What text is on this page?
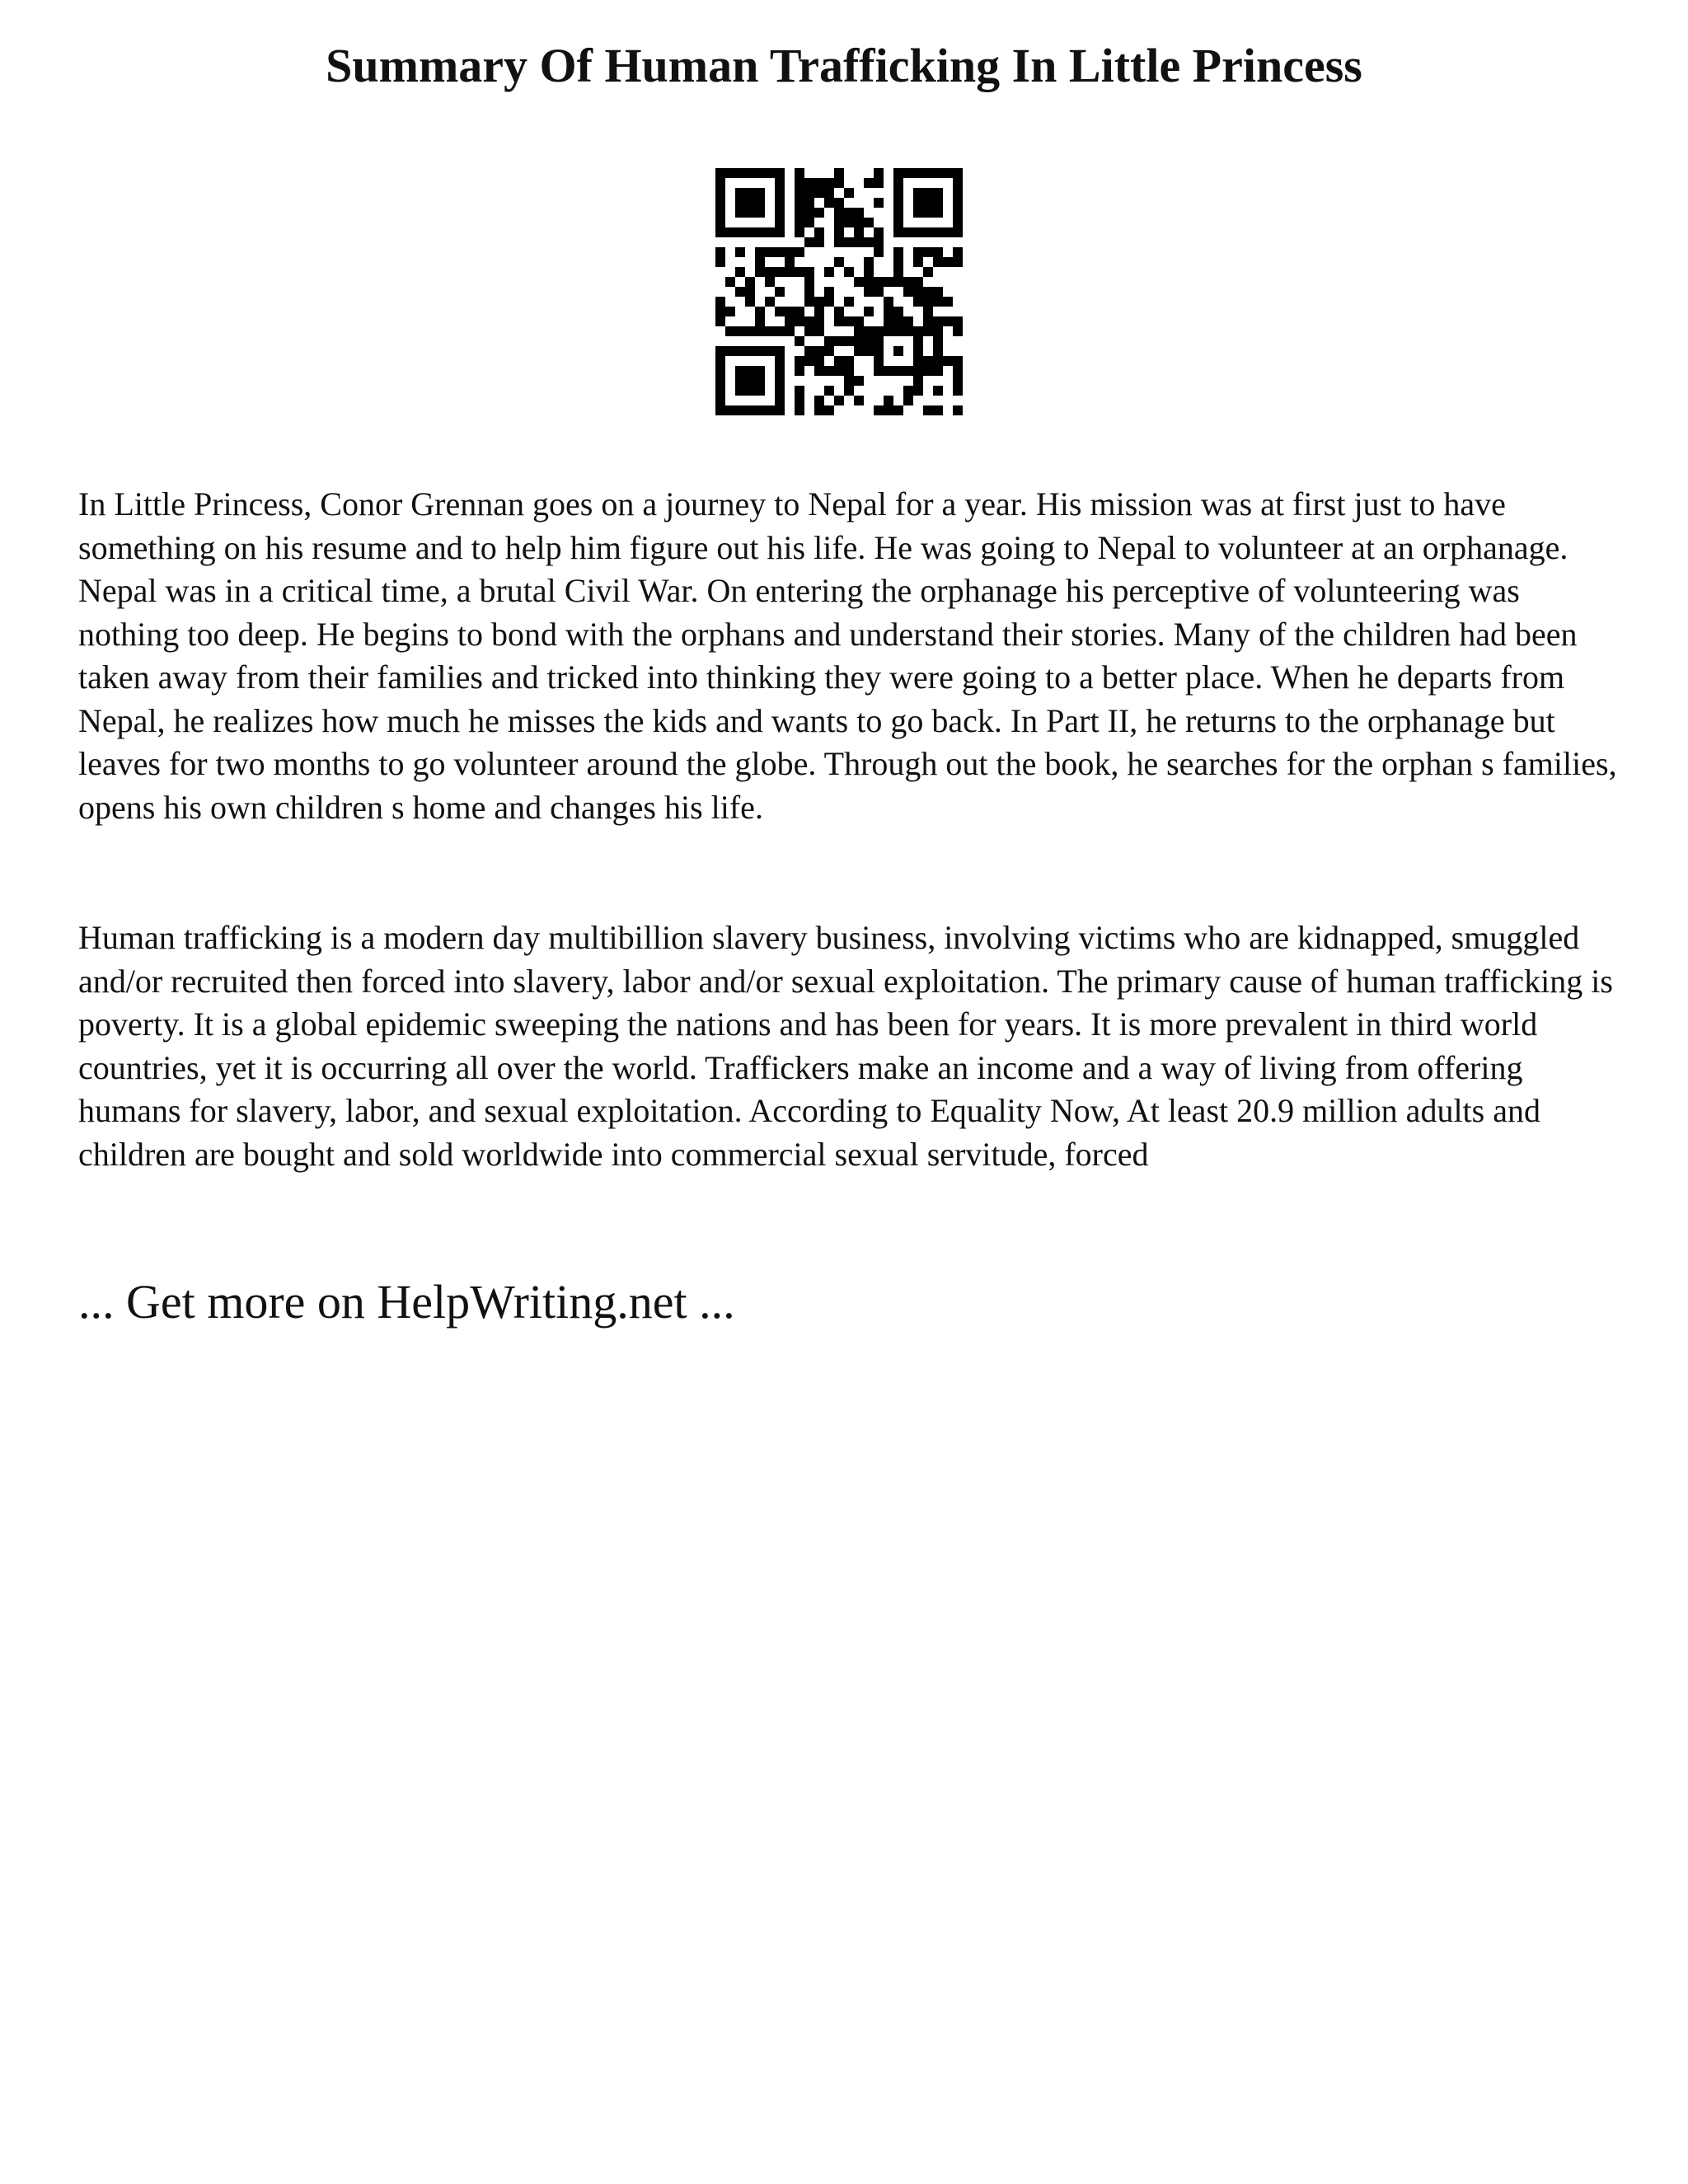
Summary Of Human Trafficking In Little Princess

In Little Princess, Conor Grennan goes on a journey to Nepal for a year. His mission was at first just to have something on his resume and to help him figure out his life. He was going to Nepal to volunteer at an orphanage. Nepal was in a critical time, a brutal Civil War. On entering the orphanage his perceptive of volunteering was nothing too deep. He begins to bond with the orphans and understand their stories. Many of the children had been taken away from their families and tricked into thinking they were going to a better place. When he departs from Nepal, he realizes how much he misses the kids and wants to go back. In Part II, he returns to the orphanage but leaves for two months to go volunteer around the globe. Through out the book, he searches for the orphan s families, opens his own children s home and changes his life.

Human trafficking is a modern day multibillion slavery business, involving victims who are kidnapped, smuggled and/or recruited then forced into slavery, labor and/or sexual exploitation. The primary cause of human trafficking is poverty. It is a global epidemic sweeping the nations and has been for years. It is more prevalent in third world countries, yet it is occurring all over the world. Traffickers make an income and a way of living from offering humans for slavery, labor, and sexual exploitation. According to Equality Now, At least 20.9 million adults and children are bought and sold worldwide into commercial sexual servitude, forced

... Get more on HelpWriting.net ...
